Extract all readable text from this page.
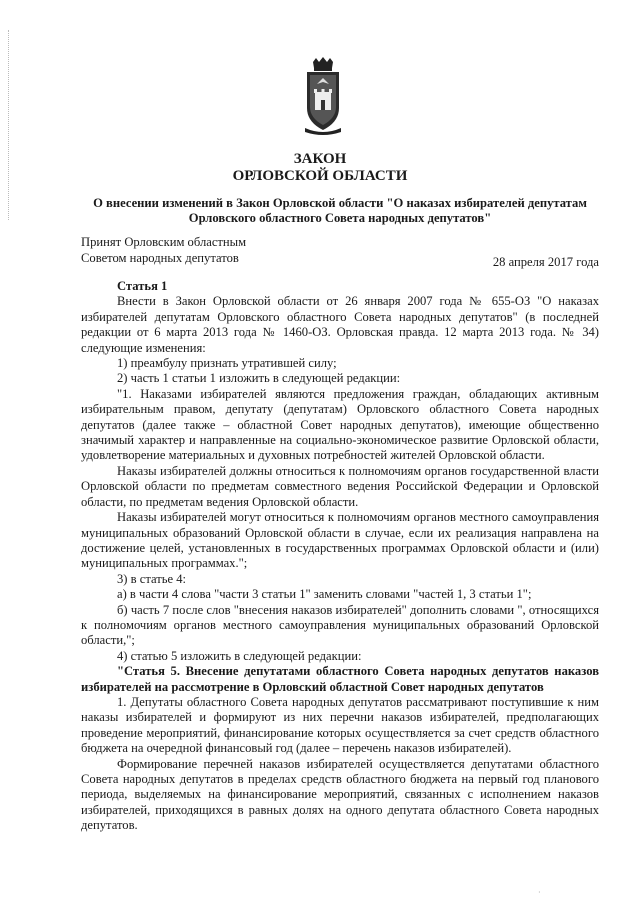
ЗАКОН
ОРЛОВСКОЙ ОБЛАСТИ
О внесении изменений в Закон Орловской области "О наказах избирателей депутатам Орловского областного Совета народных депутатов"
Принят Орловским областным
Советом народных депутатов	28 апреля 2017 года

Статья 1

Внести в Закон Орловской области от 26 января 2007 года № 655-ОЗ "О наказах избирателей депутатам Орловского областного Совета народных депутатов" (в последней редакции от 6 марта 2013 года № 1460-ОЗ. Орловская правда. 12 марта 2013 года. № 34) следующие изменения:

1) преамбулу признать утратившей силу;

2) часть 1 статьи 1 изложить в следующей редакции:

"1. Наказами избирателей являются предложения граждан, обладающих активным избирательным правом, депутату (депутатам) Орловского областного Совета народных депутатов (далее также – областной Совет народных депутатов), имеющие общественно значимый характер и направленные на социально-экономическое развитие Орловской области, удовлетворение материальных и духовных потребностей жителей Орловской области.

Наказы избирателей должны относиться к полномочиям органов государственной власти Орловской области по предметам совместного ведения Российской Федерации и Орловской области, по предметам ведения Орловской области.

Наказы избирателей могут относиться к полномочиям органов местного самоуправления муниципальных образований Орловской области в случае, если их реализация направлена на достижение целей, установленных в государственных программах Орловской области и (или) муниципальных программах.";

3) в статье 4:

а) в части 4 слова "части 3 статьи 1" заменить словами "частей 1, 3 статьи 1";

б) часть 7 после слов "внесения наказов избирателей" дополнить словами ", относящихся к полномочиям органов местного самоуправления муниципальных образований Орловской области,";

4) статью 5 изложить в следующей редакции:

"Статья 5. Внесение депутатами областного Совета народных депутатов наказов избирателей на рассмотрение в Орловский областной Совет народных депутатов

1. Депутаты областного Совета народных депутатов рассматривают поступившие к ним наказы избирателей и формируют из них перечни наказов избирателей, предполагающих проведение мероприятий, финансирование которых осуществляется за счет средств областного бюджета на очередной финансовый год (далее – перечень наказов избирателей).

Формирование перечней наказов избирателей осуществляется депутатами областного Совета народных депутатов в пределах средств областного бюджета на первый год планового периода, выделяемых на финансирование мероприятий, связанных с исполнением наказов избирателей, приходящихся в равных долях на одного депутата областного Совета народных депутатов.

·
